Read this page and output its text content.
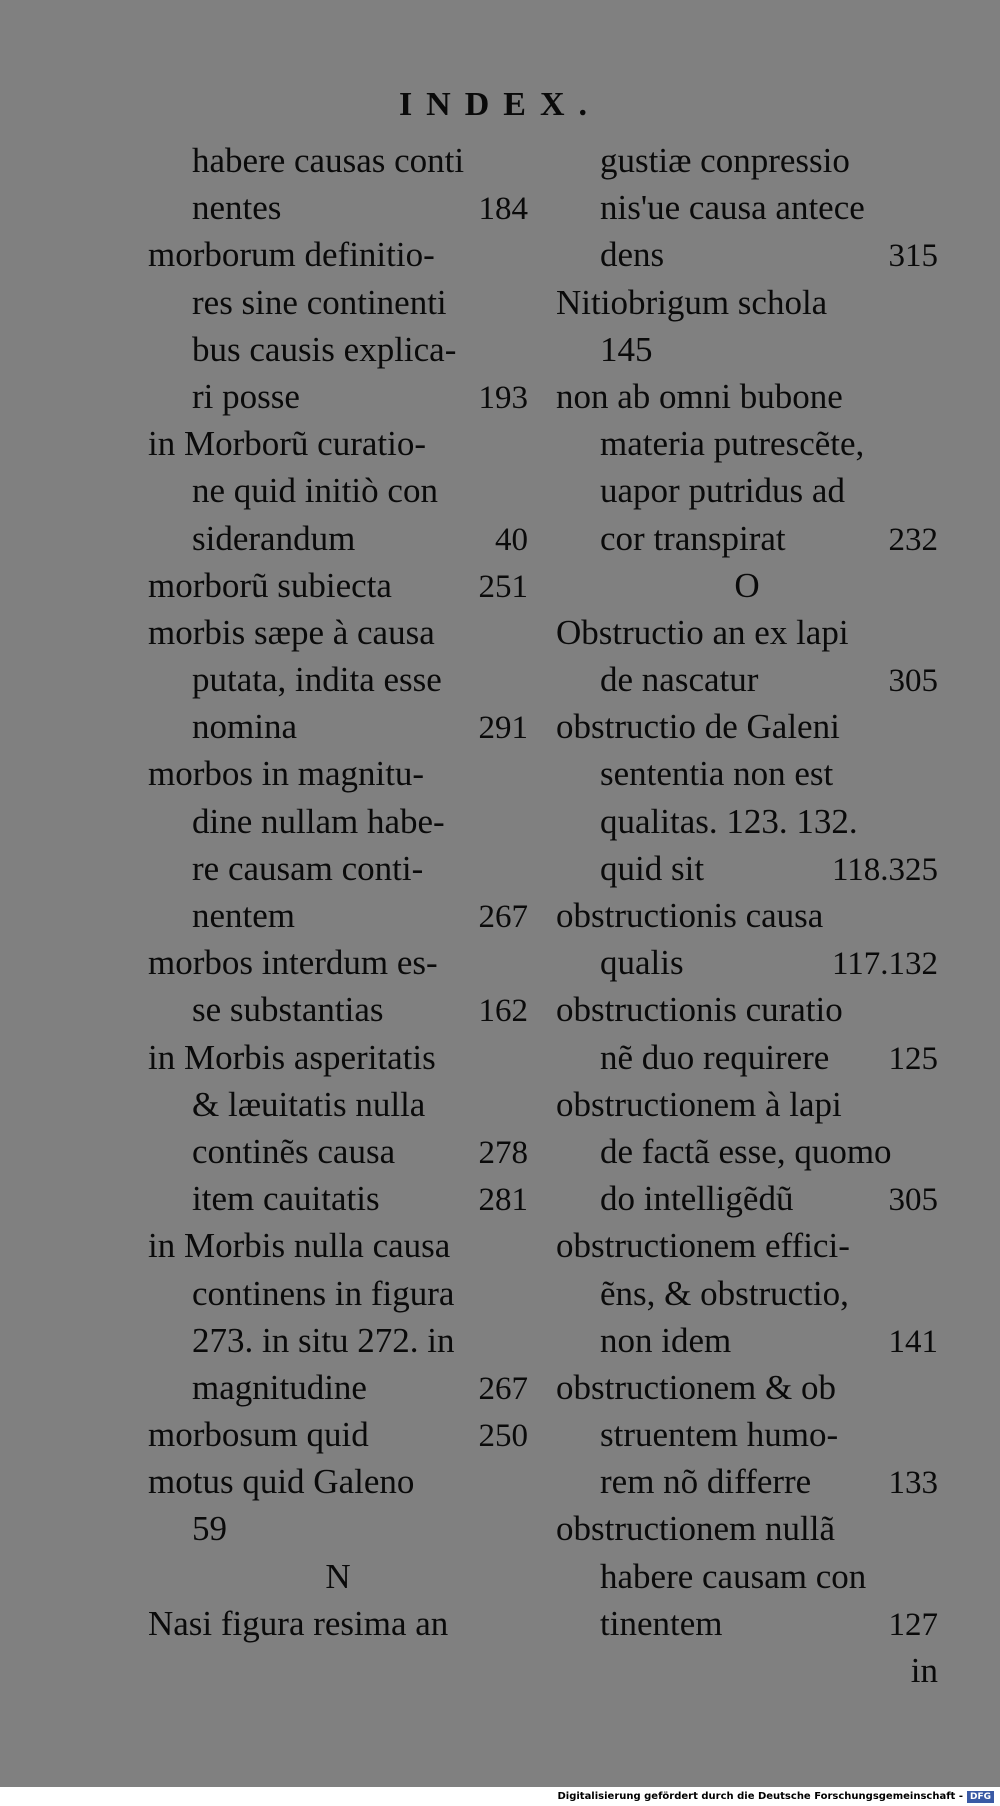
INDEX.
habere causas conti
nentes	184
morborum definitio-
res sine continenti
bus causis explica-
ri posse	193
in Morborũ curatio-
ne quid initiò con
siderandum	40
morborũ subiecta	251
morbis sæpe à causa
putata, indita esse
nomina	291
morbos in magnitu-
dine nullam habe-
re causam conti-
nentem	267
morbos interdum es-
se substantias	162
in Morbis asperitatis
& læuitatis nulla
continẽs causa	278
item cauitatis	281
in Morbis nulla causa
continens in figura
273. in situ 272. in
magnitudine	267
morbosum quid	250
motus quid Galeno
59
N
Nasi figura resima an
gustiæ conpressio
nis'ue causa antece
dens	315
Nitiobrigum schola
145
non ab omni bubone
materia putrescẽte,
uapor putridus ad
cor transpirat	232
O
Obstructio an ex lapi
de nascatur	305
obstructio de Galeni
sententia non est
qualitas. 123. 132.
quid sit	118.325
obstructionis causa
qualis	117.132
obstructionis curatio
nẽ duo requirere 125
obstructionem à lapi
de factã esse, quomo
do intelligẽdũ	305
obstructionem effici-
ẽns, & obstructio,
non idem	141
obstructionem & ob
struentem humo-
rem nõ differre 133
obstructionem nullã
habere causam con
tinentem	127
in
Digitalisierung gefördert durch die Deutsche Forschungsgemeinschaft - DFG
